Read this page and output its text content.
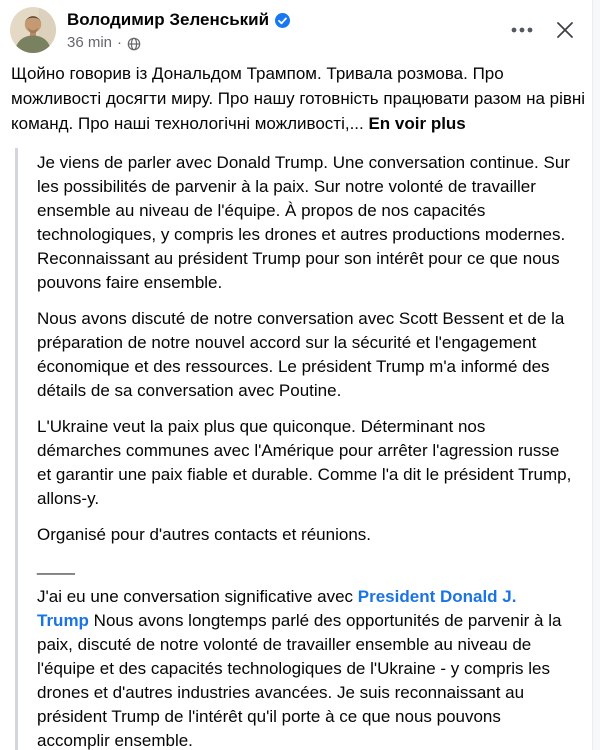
Володимир Зеленський
36 min ·
Щойно говорив із Дональдом Трампом. Тривала розмова. Про можливості досягти миру. Про нашу готовність працювати разом на рівні команд. Про наші технологічні можливості,... En voir plus

Je viens de parler avec Donald Trump. Une conversation continue. Sur les possibilités de parvenir à la paix. Sur notre volonté de travailler ensemble au niveau de l'équipe. À propos de nos capacités technologiques, y compris les drones et autres productions modernes. Reconnaissant au président Trump pour son intérêt pour ce que nous pouvons faire ensemble.

Nous avons discuté de notre conversation avec Scott Bessent et de la préparation de notre nouvel accord sur la sécurité et l'engagement économique et des ressources. Le président Trump m'a informé des détails de sa conversation avec Poutine.

L'Ukraine veut la paix plus que quiconque. Déterminant nos démarches communes avec l'Amérique pour arrêter l'agression russe et garantir une paix fiable et durable. Comme l'a dit le président Trump, allons-y.

Organisé pour d'autres contacts et réunions.

____

J'ai eu une conversation significative avec President Donald J. Trump Nous avons longtemps parlé des opportunités de parvenir à la paix, discuté de notre volonté de travailler ensemble au niveau de l'équipe et des capacités technologiques de l'Ukraine - y compris les drones et d'autres industries avancées. Je suis reconnaissant au président Trump de l'intérêt qu'il porte à ce que nous pouvons accomplir ensemble.
